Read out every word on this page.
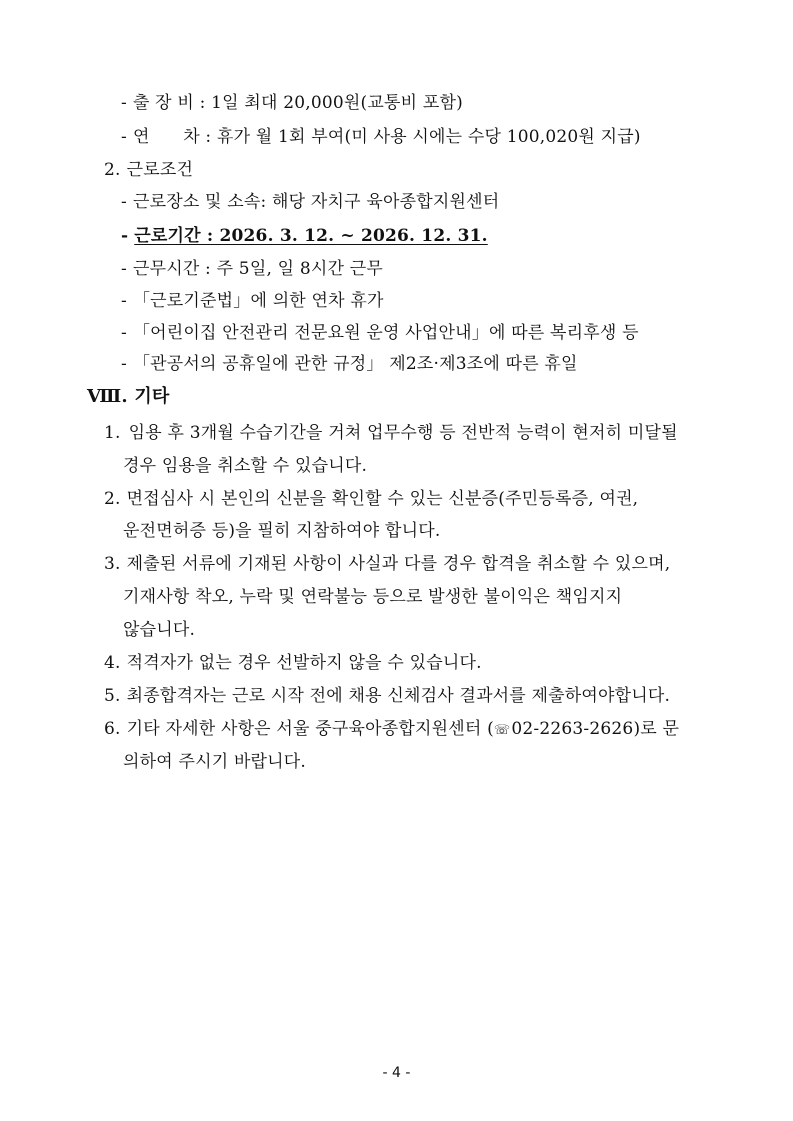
- 출 장 비 : 1일 최대 20,000원(교통비 포함)
- 연      차 : 휴가 월 1회 부여(미 사용 시에는 수당 100,020원 지급)
2. 근로조건
- 근로장소 및 소속: 해당 자치구 육아종합지원센터
- 근로기간 : 2026. 3. 12. ~ 2026. 12. 31.
- 근무시간 : 주 5일, 일 8시간 근무
- 「근로기준법」에 의한 연차 휴가
- 「어린이집 안전관리 전문요원 운영 사업안내」에 따른 복리후생 등
- 「관공서의 공휴일에 관한 규정」 제2조·제3조에 따른 휴일
Ⅷ. 기타
1. 임용 후 3개월 수습기간을 거쳐 업무수행 등 전반적 능력이 현저히 미달될
경우 임용을 취소할 수 있습니다.
2. 면접심사 시 본인의 신분을 확인할 수 있는 신분증(주민등록증, 여권,
운전면허증 등)을 필히 지참하여야 합니다.
3. 제출된 서류에 기재된 사항이 사실과 다를 경우 합격을 취소할 수 있으며,
기재사항 착오, 누락 및 연락불능 등으로 발생한 불이익은 책임지지
않습니다.
4. 적격자가 없는 경우 선발하지 않을 수 있습니다.
5. 최종합격자는 근로 시작 전에 채용 신체검사 결과서를 제출하여야합니다.
6. 기타 자세한 사항은 서울 중구육아종합지원센터 (☏02-2263-2626)로 문
의하여 주시기 바랍니다.
- 4 -
